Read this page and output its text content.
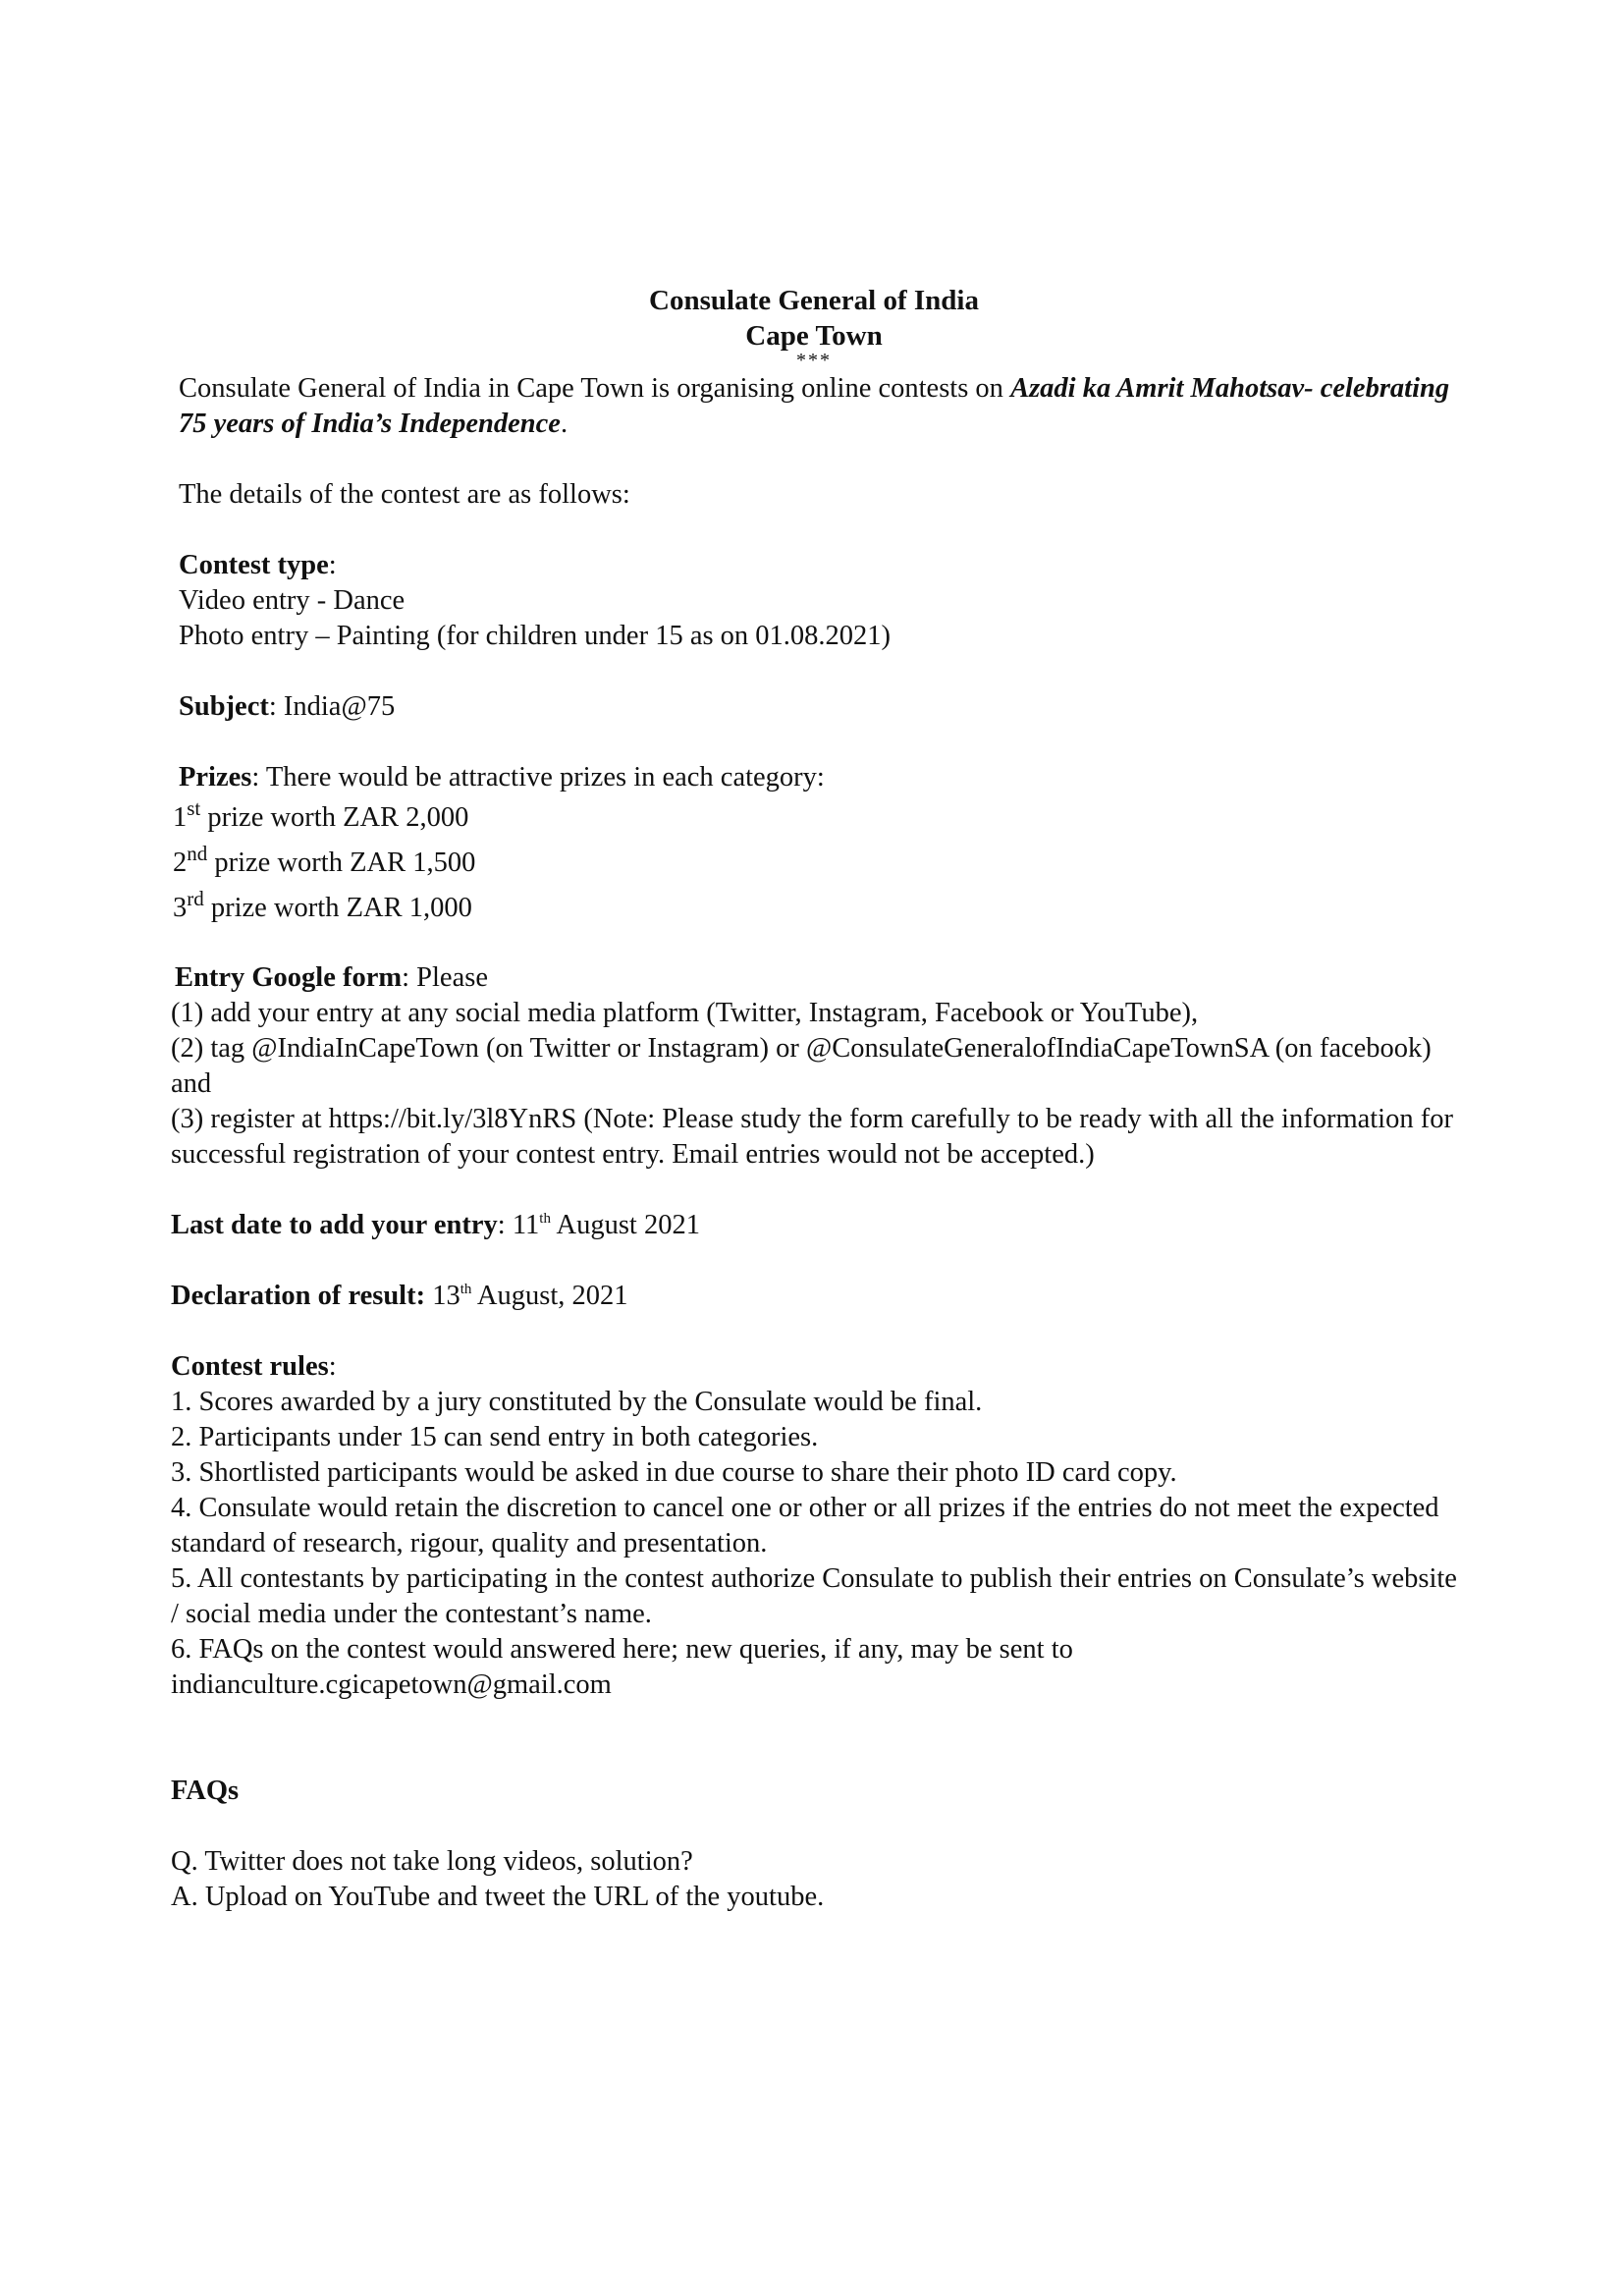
Consulate General of India
Cape Town
***

Consulate General of India in Cape Town is organising online contests on Azadi ka Amrit Mahotsav- celebrating 75 years of India’s Independence.

The details of the contest are as follows:

Contest type:

Video entry - Dance

Photo entry – Painting (for children under 15 as on 01.08.2021)

Subject: India@75

Prizes: There would be attractive prizes in each category:

1st prize worth ZAR 2,000

2nd prize worth ZAR 1,500

3rd prize worth ZAR 1,000

Entry Google form: Please

(1) add your entry at any social media platform (Twitter, Instagram, Facebook or YouTube),

(2) tag @IndiaInCapeTown (on Twitter or Instagram) or @ConsulateGeneralofIndiaCapeTownSA (on facebook) and

(3) register at https://bit.ly/3l8YnRS (Note: Please study the form carefully to be ready with all the information for successful registration of your contest entry. Email entries would not be accepted.)

Last date to add your entry: 11th August 2021

Declaration of result: 13th August, 2021

Contest rules:

1. Scores awarded by a jury constituted by the Consulate would be final.

2. Participants under 15 can send entry in both categories.

3. Shortlisted participants would be asked in due course to share their photo ID card copy.

4. Consulate would retain the discretion to cancel one or other or all prizes if the entries do not meet the expected standard of research, rigour, quality and presentation.

5. All contestants by participating in the contest authorize Consulate to publish their entries on Consulate’s website / social media under the contestant’s name.

6. FAQs on the contest would answered here; new queries, if any, may be sent to indianculture.cgicapetown@gmail.com

FAQs

Q. Twitter does not take long videos, solution?

A. Upload on YouTube and tweet the URL of the youtube.
